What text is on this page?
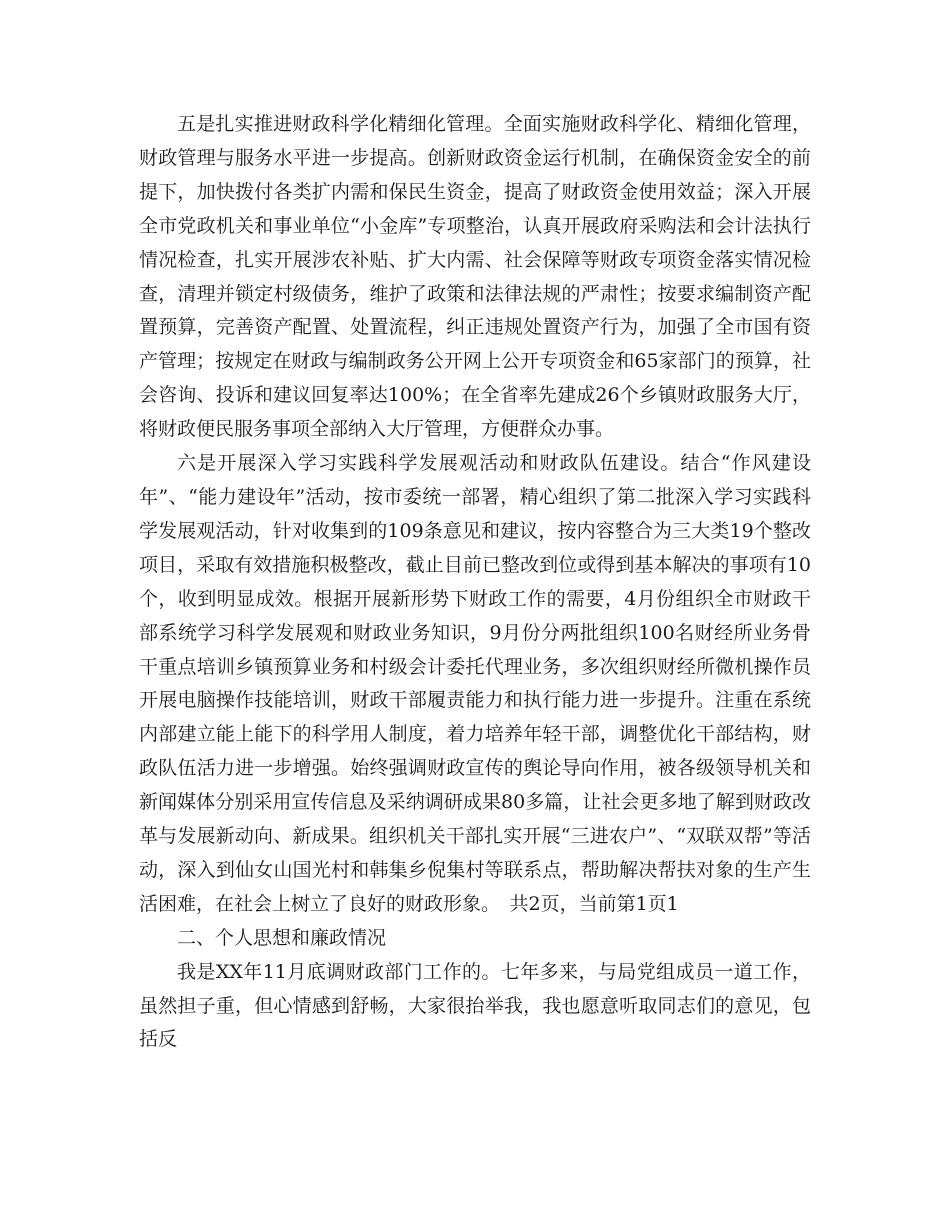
五是扎实推进财政科学化精细化管理。全面实施财政科学化、精细化管理，财政管理与服务水平进一步提高。创新财政资金运行机制，在确保资金安全的前提下，加快拨付各类扩内需和保民生资金，提高了财政资金使用效益；深入开展全市党政机关和事业单位“小金库”专项整治，认真开展政府采购法和会计法执行情况检查，扎实开展涉农补贴、扩大内需、社会保障等财政专项资金落实情况检查，清理并锁定村级债务，维护了政策和法律法规的严肃性；按要求编制资产配置预算，完善资产配置、处置流程，纠正违规处置资产行为，加强了全市国有资产管理；按规定在财政与编制政务公开网上公开专项资金和65家部门的预算，社会咨询、投诉和建议回复率达100%；在全省率先建成26个乡镇财政服务大厅，将财政便民服务事项全部纳入大厅管理，方便群众办事。

六是开展深入学习实践科学发展观活动和财政队伍建设。结合“作风建设年”、“能力建设年”活动，按市委统一部署，精心组织了第二批深入学习实践科学发展观活动，针对收集到的109条意见和建议，按内容整合为三大类19个整改项目，采取有效措施积极整改，截止目前已整改到位或得到基本解决的事项有10个，收到明显成效。根据开展新形势下财政工作的需要，4月份组织全市财政干部系统学习科学发展观和财政业务知识，9月份分两批组织100名财经所业务骨干重点培训乡镇预算业务和村级会计委托代理业务，多次组织财经所微机操作员开展电脑操作技能培训，财政干部履责能力和执行能力进一步提升。注重在系统内部建立能上能下的科学用人制度，着力培养年轻干部，调整优化干部结构，财政队伍活力进一步增强。始终强调财政宣传的舆论导向作用，被各级领导机关和新闻媒体分别采用宣传信息及采纳调研成果80多篇，让社会更多地了解到财政改革与发展新动向、新成果。组织机关干部扎实开展“三进农户”、“双联双帮”等活动，深入到仙女山国光村和韩集乡倪集村等联系点，帮助解决帮扶对象的生产生活困难，在社会上树立了良好的财政形象。　共2页，当前第1页1

二、个人思想和廉政情况

我是XX年11月底调财政部门工作的。七年多来，与局党组成员一道工作，虽然担子重，但心情感到舒畅，大家很抬举我，我也愿意听取同志们的意见，包括反
